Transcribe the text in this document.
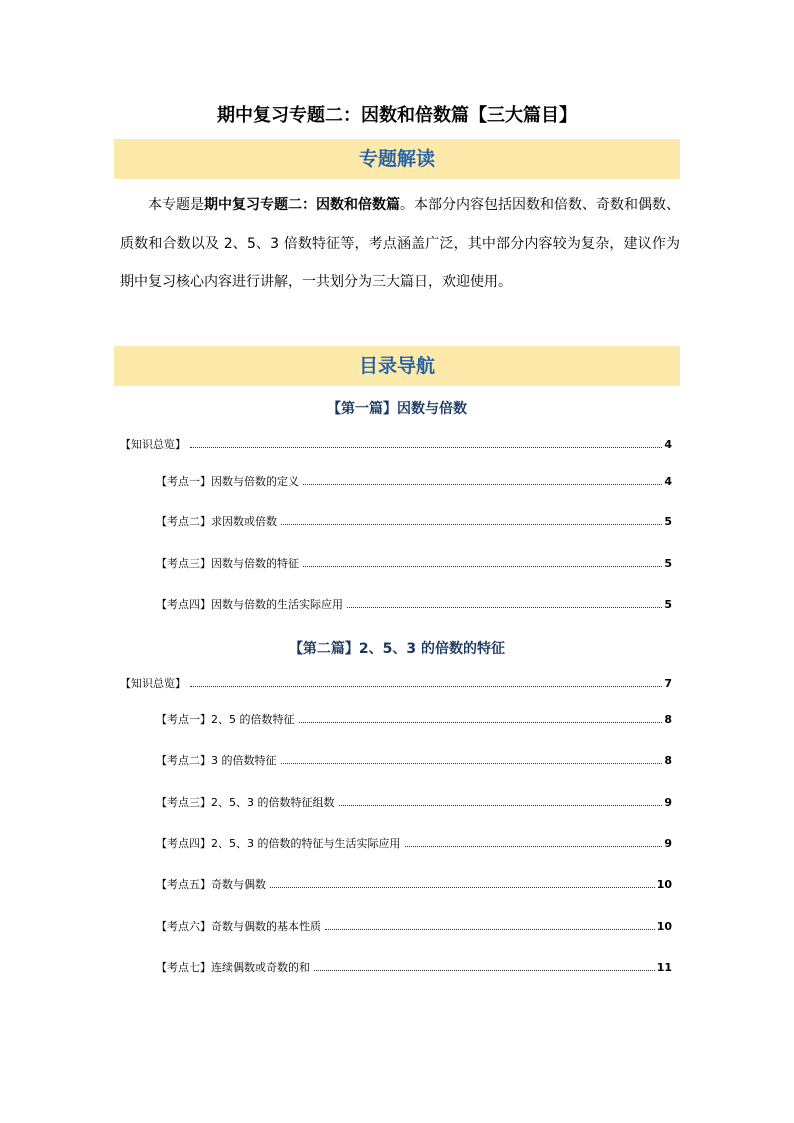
期中复习专题二：因数和倍数篇【三大篇目】
专题解读
本专题是期中复习专题二：因数和倍数篇。本部分内容包括因数和倍数、奇数和偶数、质数和合数以及 2、5、3 倍数特征等，考点涵盖广泛，其中部分内容较为复杂，建议作为期中复习核心内容进行讲解，一共划分为三大篇日，欢迎使用。
目录导航
【第一篇】因数与倍数
【知识总览】	4
【考点一】因数与倍数的定义	4
【考点二】求因数或倍数	5
【考点三】因数与倍数的特征	5
【考点四】因数与倍数的生活实际应用	5
【第二篇】2、5、3 的倍数的特征
【知识总览】	7
【考点一】2、5 的倍数特征	8
【考点二】3 的倍数特征	8
【考点三】2、5、3 的倍数特征组数	9
【考点四】2、5、3 的倍数的特征与生活实际应用	9
【考点五】奇数与偶数	10
【考点六】奇数与偶数的基本性质	10
【考点七】连续偶数或奇数的和	11
